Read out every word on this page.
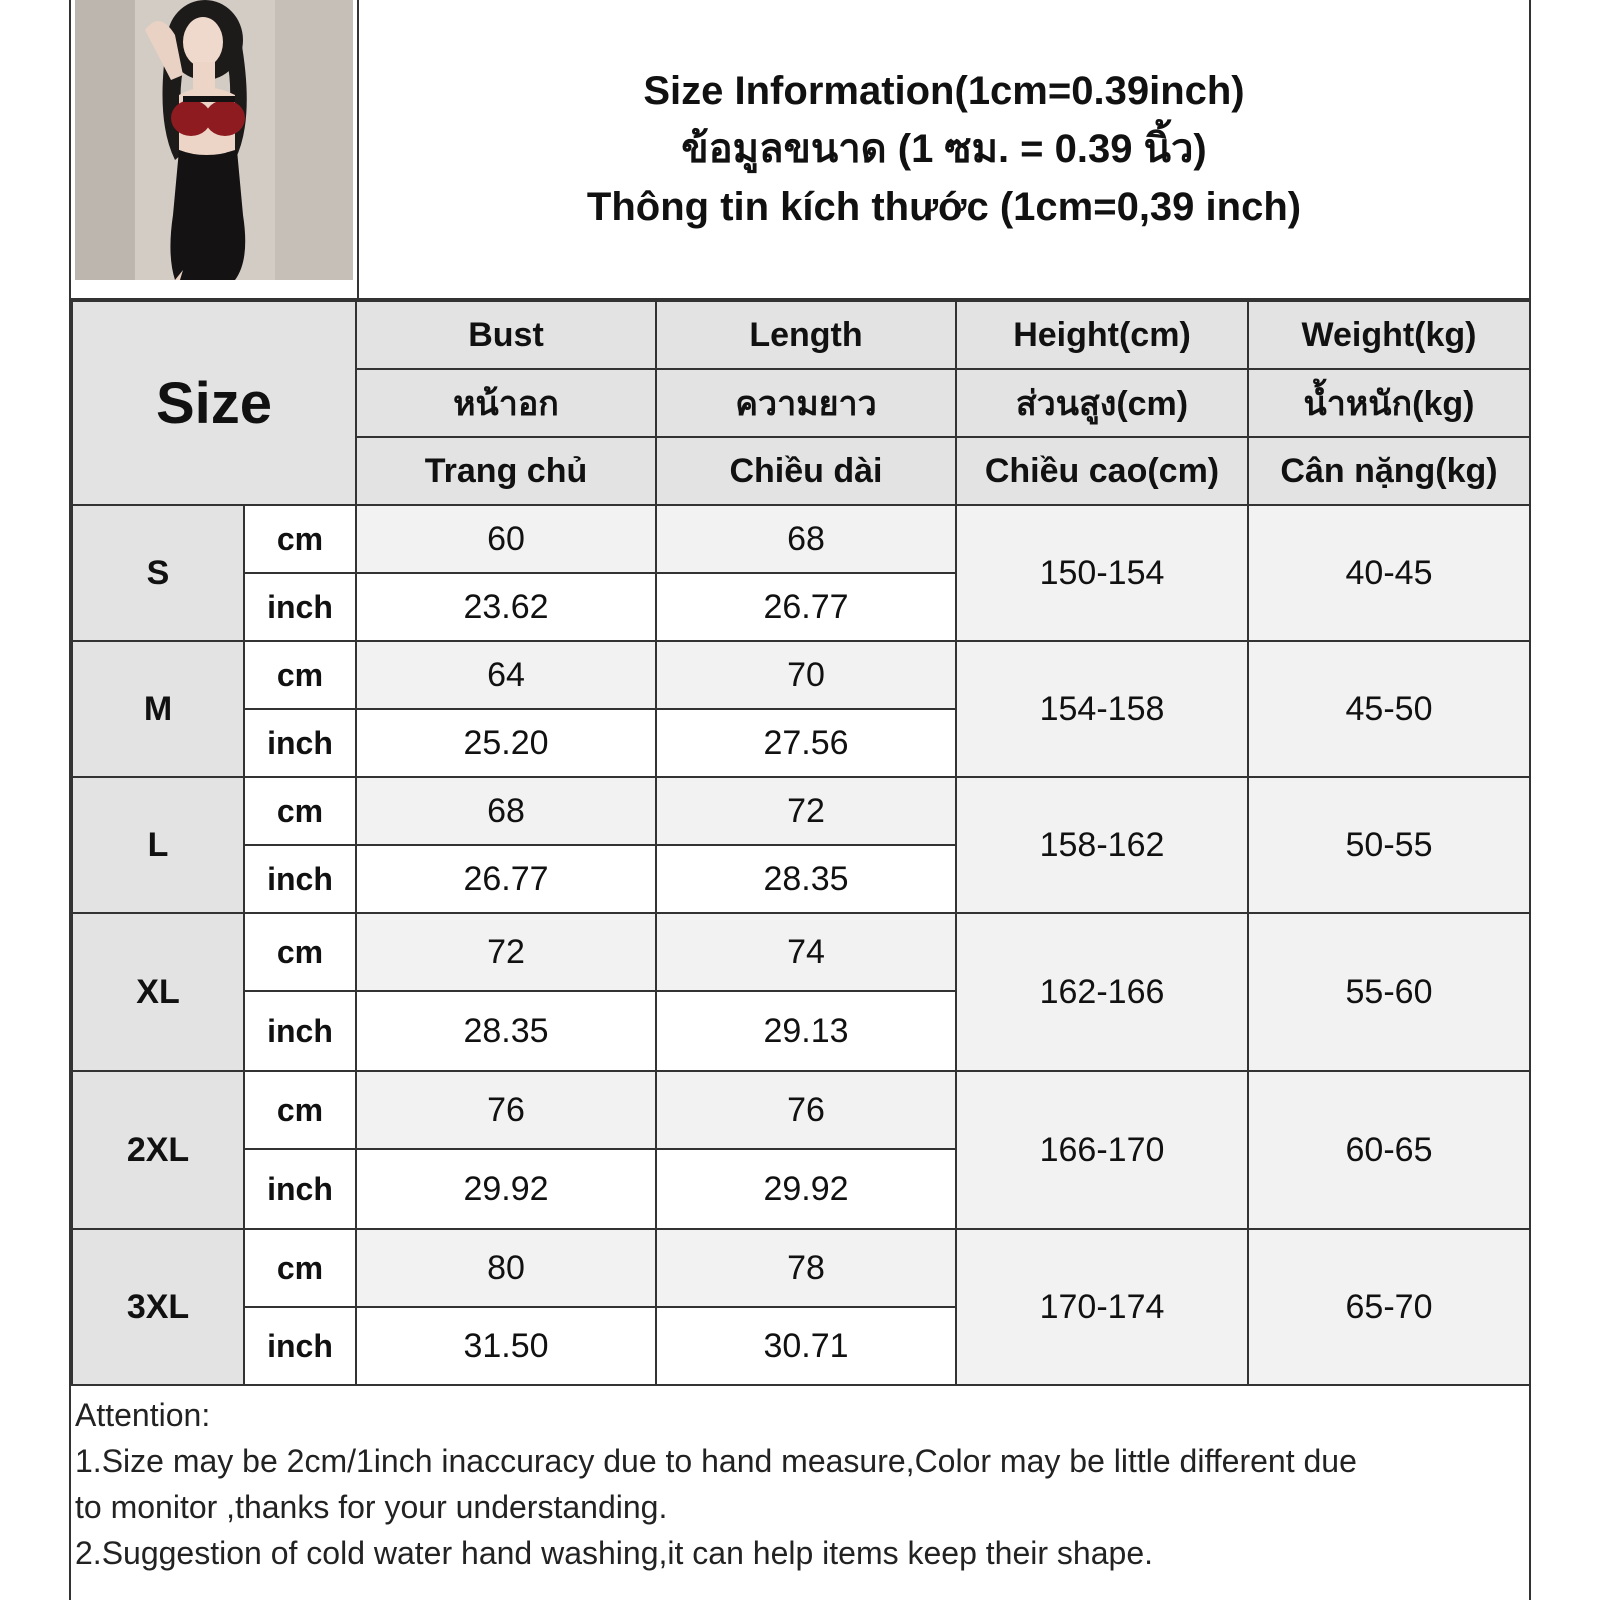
Size Information(1cm=0.39inch)
ข้อมูลขนาด (1 ซม. = 0.39 นิ้ว)
Thông tin kích thước (1cm=0,39 inch)
Size		Bust	Length	Height(cm)	Weight(kg)
		หน้าอก	ความยาว	ส่วนสูง(cm)	น้ำหนัก(kg)
		Trang chủ	Chiều dài	Chiều cao(cm)	Cân nặng(kg)
S	cm	60	68	150-154	40-45
	inch	23.62	26.77		
M	cm	64	70	154-158	45-50
	inch	25.20	27.56		
L	cm	68	72	158-162	50-55
	inch	26.77	28.35		
XL	cm	72	74	162-166	55-60
	inch	28.35	29.13		
2XL	cm	76	76	166-170	60-65
	inch	29.92	29.92		
3XL	cm	80	78	170-174	65-70
	inch	31.50	30.71		
Attention:
1.Size may be 2cm/1inch inaccuracy due to hand measure,Color may be little different due
to monitor ,thanks for your understanding.
2.Suggestion of cold water hand washing,it can help items keep their shape.
